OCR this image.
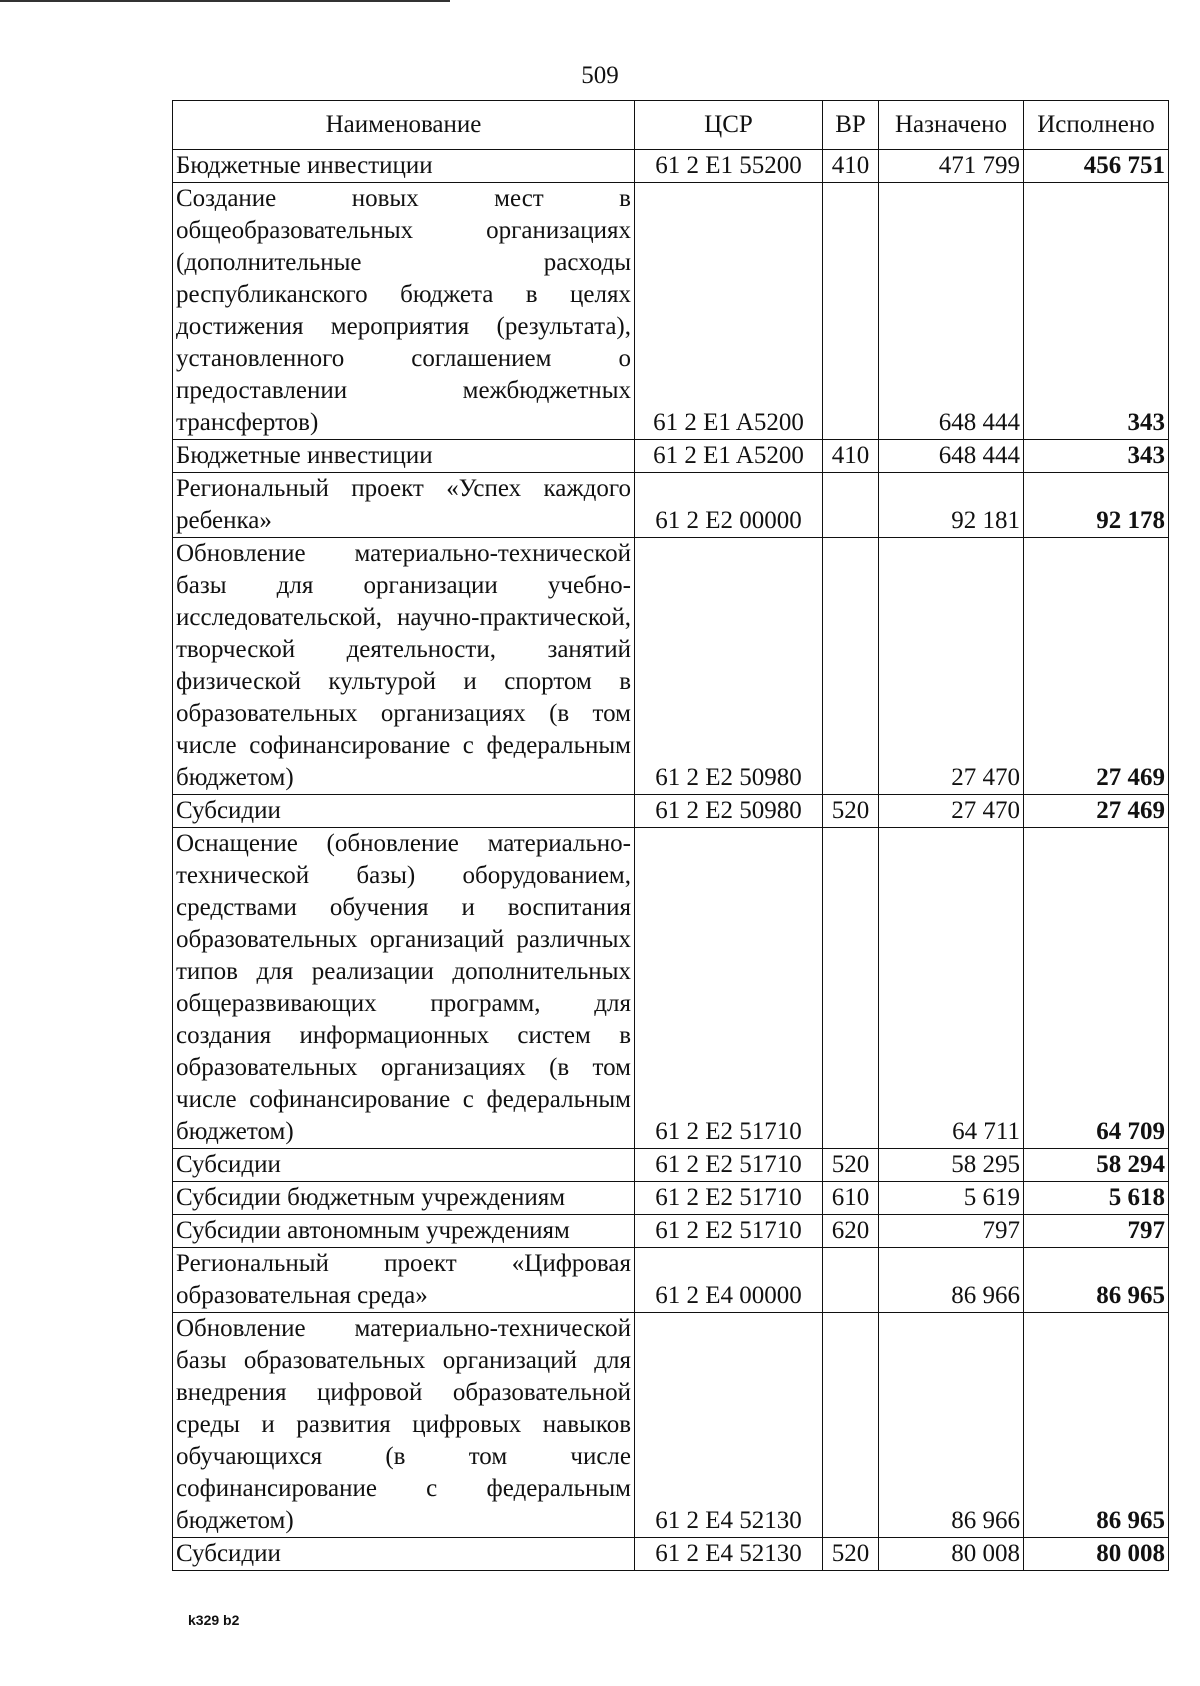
509
Наименование	ЦСР	ВР	Назначено	Исполнено
Бюджетные инвестиции	61 2 E1 55200	410	471 799	456 751
Создание новых мест в общеобразовательных организациях (дополнительные расходы республиканского бюджета в целях достижения мероприятия (результата), установленного соглашением о предоставлении межбюджетных трансфертов)	61 2 E1 A5200		648 444	343
Бюджетные инвестиции	61 2 E1 A5200	410	648 444	343
Региональный проект «Успех каждого ребенка»	61 2 E2 00000		92 181	92 178
Обновление материально-технической базы для организации учебно-исследовательской, научно-практической, творческой деятельности, занятий физической культурой и спортом в образовательных организациях (в том числе софинансирование с федеральным бюджетом)	61 2 E2 50980		27 470	27 469
Субсидии	61 2 E2 50980	520	27 470	27 469
Оснащение (обновление материально-технической базы) оборудованием, средствами обучения и воспитания образовательных организаций различных типов для реализации дополнительных общеразвивающих программ, для создания информационных систем в образовательных организациях (в том числе софинансирование с федеральным бюджетом)	61 2 E2 51710		64 711	64 709
Субсидии	61 2 E2 51710	520	58 295	58 294
Субсидии бюджетным учреждениям	61 2 E2 51710	610	5 619	5 618
Субсидии автономным учреждениям	61 2 E2 51710	620	797	797
Региональный проект «Цифровая образовательная среда»	61 2 E4 00000		86 966	86 965
Обновление материально-технической базы образовательных организаций для внедрения цифровой образовательной среды и развития цифровых навыков обучающихся (в том числе софинансирование с федеральным бюджетом)	61 2 E4 52130		86 966	86 965
Субсидии	61 2 E4 52130	520	80 008	80 008
k329 b2
